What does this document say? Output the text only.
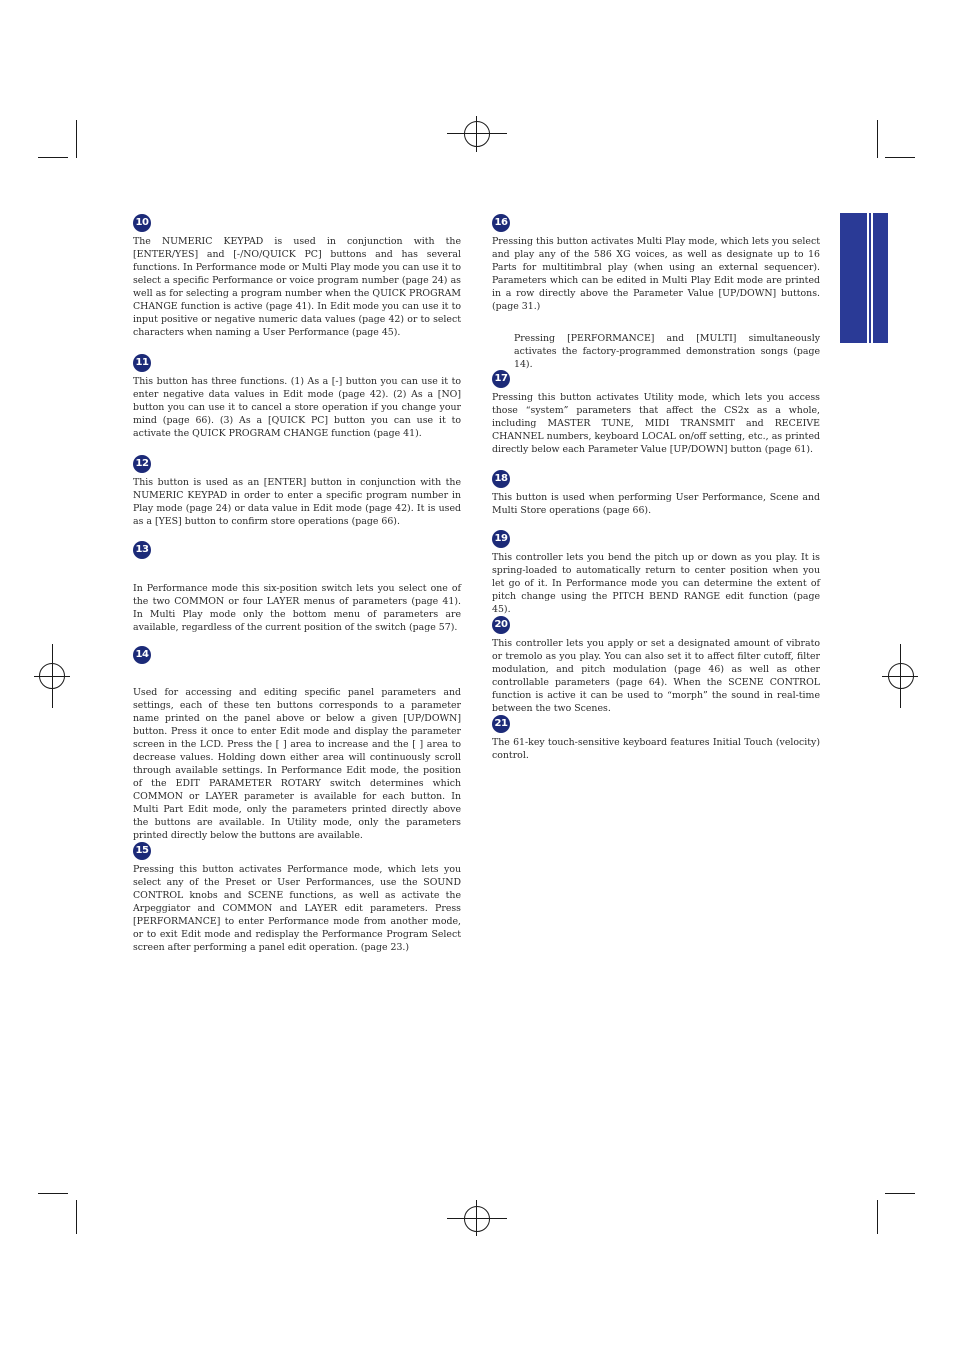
10

The NUMERIC KEYPAD is used in conjunction with the [ENTER/YES] and [-/NO/QUICK PC] buttons and has several functions. In Performance mode or Multi Play mode you can use it to select a specific Performance or voice program number (page 24) as well as for selecting a program number when the QUICK PROGRAM CHANGE function is active (page 41). In Edit mode you can use it to input positive or negative numeric data values (page 42) or to select characters when naming a User Performance (page 45).

11

This button has three functions. (1) As a [-] button you can use it to enter negative data values in Edit mode (page 42). (2) As a [NO] button you can use it to cancel a store operation if you change your mind (page 66). (3) As a [QUICK PC] button you can use it to activate the QUICK PROGRAM CHANGE function (page 41).

12

This button is used as an [ENTER] button in conjunction with the NUMERIC KEYPAD in order to enter a specific program number in Play mode (page 24) or data value in Edit mode (page 42). It is used as a [YES] button to confirm store operations (page 66).

13

In Performance mode this six-position switch lets you select one of the two COMMON or four LAYER menus of parameters (page 41). In Multi Play mode only the bottom menu of parameters are available, regardless of the current position of the switch (page 57).

14

Used for accessing and editing specific panel parameters and settings, each of these ten buttons corresponds to a parameter name printed on the panel above or below a given [UP/DOWN] button. Press it once to enter Edit mode and display the parameter screen in the LCD. Press the [ ] area to increase and the [ ] area to decrease values. Holding down either area will continuously scroll through available settings. In Performance Edit mode, the position of the EDIT PARAMETER ROTARY switch determines which COMMON or LAYER parameter is available for each button. In Multi Part Edit mode, only the parameters printed directly above the buttons are available. In Utility mode, only the parameters printed directly below the buttons are available.

15

Pressing this button activates Performance mode, which lets you select any of the Preset or User Performances, use the SOUND CONTROL knobs and SCENE functions, as well as activate the Arpeggiator and COMMON and LAYER edit parameters. Press [PERFORMANCE] to enter Performance mode from another mode, or to exit Edit mode and redisplay the Performance Program Select screen after performing a panel edit operation. (page 23.)

16

Pressing this button activates Multi Play mode, which lets you select and play any of the 586 XG voices, as well as designate up to 16 Parts for multitimbral play (when using an external sequencer). Parameters which can be edited in Multi Play Edit mode are printed in a row directly above the Parameter Value [UP/DOWN] buttons. (page 31.)

Pressing [PERFORMANCE] and [MULTI] simultaneously activates the factory-programmed demonstration songs (page 14).

17

Pressing this button activates Utility mode, which lets you access those “system” parameters that affect the CS2x as a whole, including MASTER TUNE, MIDI TRANSMIT and RECEIVE CHANNEL numbers, keyboard LOCAL on/off setting, etc., as printed directly below each Parameter Value [UP/DOWN] button (page 61).

18

This button is used when performing User Performance, Scene and Multi Store operations (page 66).

19

This controller lets you bend the pitch up or down as you play. It is spring-loaded to automatically return to center position when you let go of it. In Performance mode you can determine the extent of pitch change using the PITCH BEND RANGE edit function (page 45).

20

This controller lets you apply or set a designated amount of vibrato or tremolo as you play. You can also set it to affect filter cutoff, filter modulation, and pitch modulation (page 46) as well as other controllable parameters (page 64). When the SCENE CONTROL function is active it can be used to “morph” the sound in real-time between the two Scenes.

21

The 61-key touch-sensitive keyboard features Initial Touch (velocity) control.
